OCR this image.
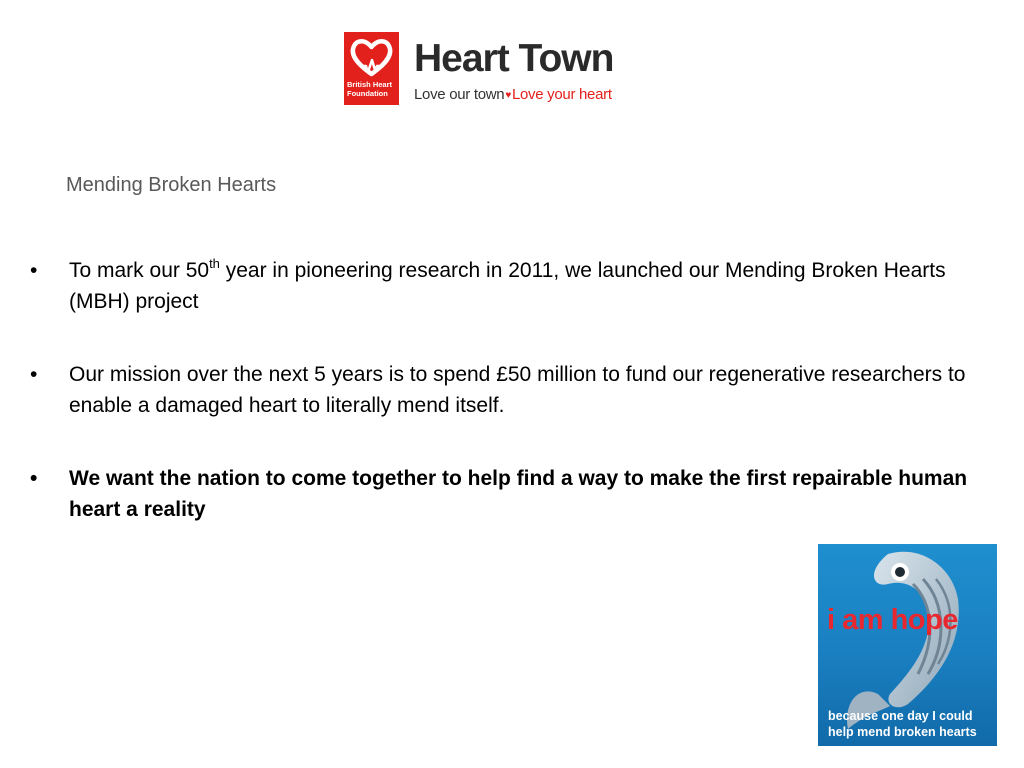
British Heart
Foundation
Heart Town
Love our town♥Love your heart
Mending Broken Hearts
• To mark our 50th year in pioneering research in 2011, we launched our Mending Broken Hearts (MBH) project
• Our mission over the next 5 years is to spend £50 million to fund our regenerative researchers to enable a damaged heart to literally mend itself.
• We want the nation to come together to help find a way to make the first repairable human heart a reality
i am hope
because one day I could
help mend broken hearts
